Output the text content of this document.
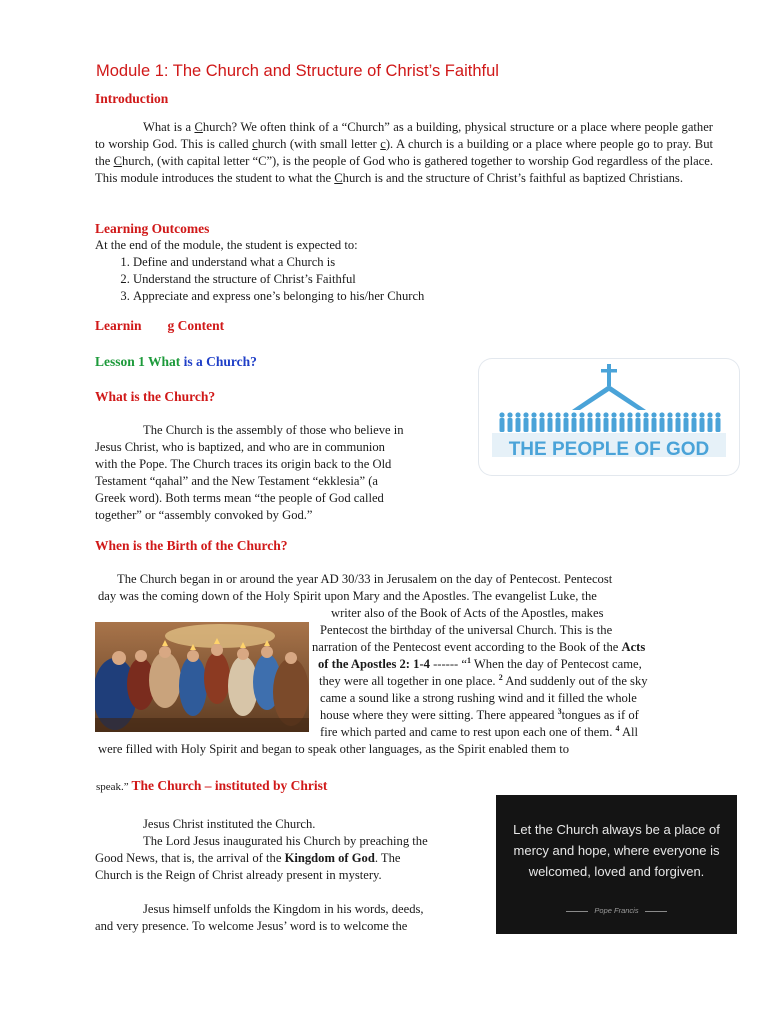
Module 1: The Church and Structure of Christ’s Faithful
Introduction
What is a Church? We often think of a “Church” as a building, physical structure or a place where people gather to worship God. This is called church (with small letter c). A church is a building or a place where people go to pray. But the Church, (with capital letter “C”), is the people of God who is gathered together to worship God regardless of the place. This module introduces the student to what the Church is and the structure of Christ’s faithful as baptized Christians.
Learning Outcomes
At the end of the module, the student is expected to:
1. Define and understand what a Church is
2. Understand the structure of Christ’s Faithful
3. Appreciate and express one’s belonging to his/her Church
Learnin g Content
Lesson 1 What is a Church?
What is the Church?
The Church is the assembly of those who believe in
Jesus Christ, who is baptized, and who are in communion
with the Pope. The Church traces its origin back to the Old
Testament “qahal” and the New Testament “ekklesia” (a
Greek word). Both terms mean “the people of God called
together” or “assembly convoked by God.”
THE PEOPLE OF GOD
When is the Birth of the Church?
The Church began in or around the year AD 30/33 in Jerusalem on the day of Pentecost. Pentecost
day was the coming down of the Holy Spirit upon Mary and the Apostles. The evangelist Luke, the
writer also of the Book of Acts of the Apostles, makes
Pentecost the birthday of the universal Church. This is the
narration of the Pentecost event according to the Book of the Acts
of the Apostles 2: 1-4 ------ “$^1$ When the day of Pentecost came,
they were all together in one place. $^2$ And suddenly out of the sky
came a sound like a strong rushing wind and it filled the whole
house where they were sitting. There appeared $^3$tongues as if of
fire which parted and came to rest upon each one of them. $^4$ All
were filled with Holy Spirit and began to speak other languages, as the Spirit enabled them to
speak.” The Church – instituted by Christ
Jesus Christ instituted the Church.
The Lord Jesus inaugurated his Church by preaching the
Good News, that is, the arrival of the Kingdom of God. The
Church is the Reign of Christ already present in mystery.
Jesus himself unfolds the Kingdom in his words, deeds,
and very presence. To welcome Jesus’ word is to welcome the
Let the Church always be a place of
mercy and hope, where everyone is
welcomed, loved and forgiven.
Pope Francis
